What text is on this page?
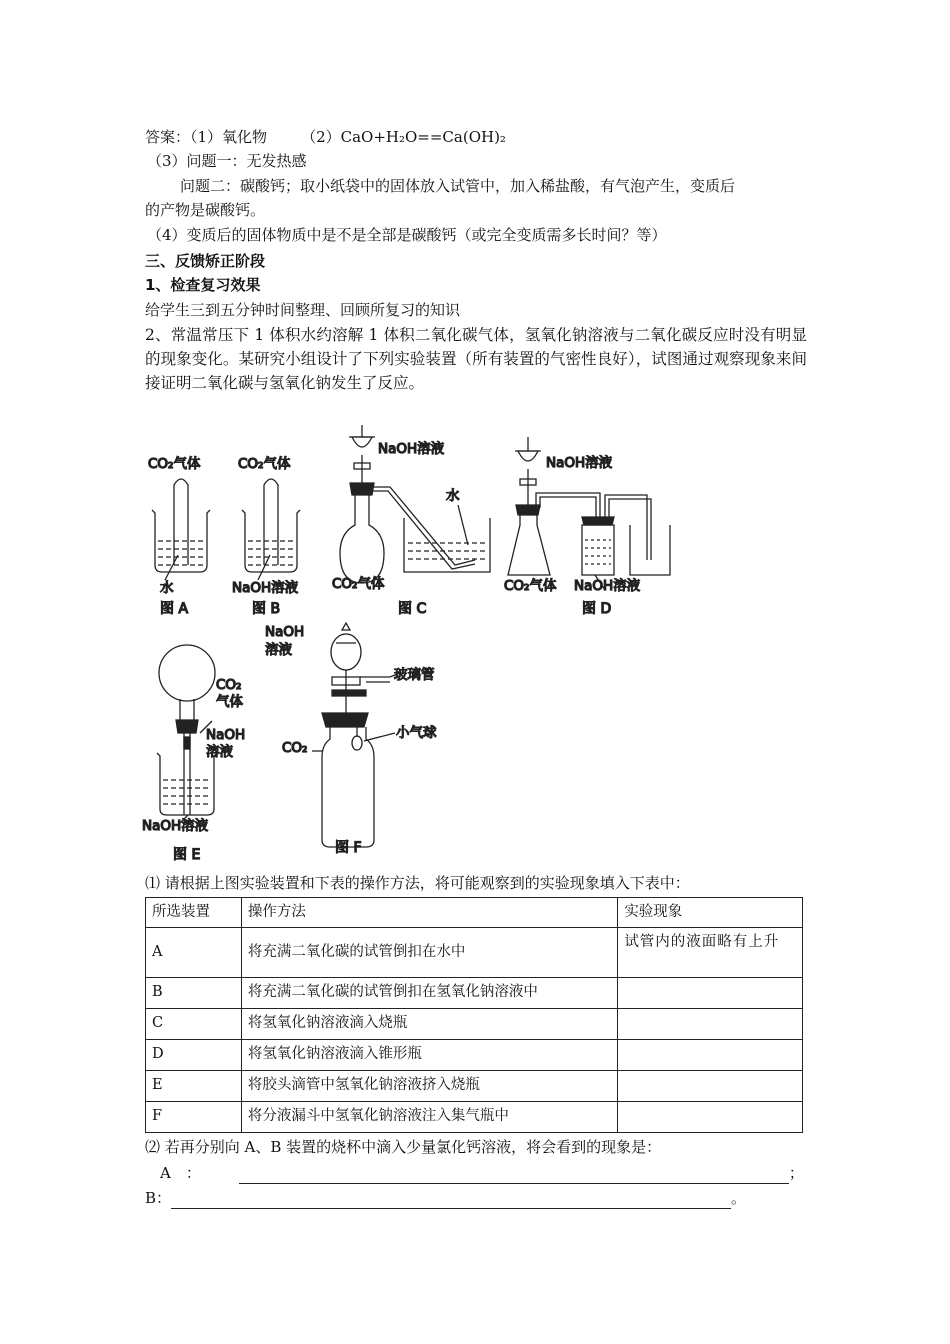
答案：（1）氧化物 （2）CaO+H₂O==Ca(OH)₂
（3）问题一：无发热感
问题二：碳酸钙；取小纸袋中的固体放入试管中，加入稀盐酸，有气泡产生，变质后
的产物是碳酸钙。
（4）变质后的固体物质中是不是全部是碳酸钙（或完全变质需多长时间？等）
三、反馈矫正阶段
1、检查复习效果
给学生三到五分钟时间整理、回顾所复习的知识
2、常温常压下 1 体积水约溶解 1 体积二氧化碳气体，氢氧化钠溶液与二氧化碳反应时没有明显的现象变化。某研究小组设计了下列实验装置（所有装置的气密性良好），试图通过观察现象来间接证明二氧化碳与氢氧化钠发生了反应。
CO₂气体
水
图 A
CO₂气体
NaOH溶液
图 B
NaOH溶液
水
CO₂气体
图 C
NaOH溶液
CO₂气体 NaOH溶液
图 D
CO₂
气体
NaOH
溶液
NaOH溶液
图 E
NaOH
溶液
玻璃管
CO₂
小气球
图 F
⑴ 请根据上图实验装置和下表的操作方法，将可能观察到的实验现象填入下表中：
所选装置	操作方法	实验现象
A	将充满二氧化碳的试管倒扣在水中	试管内的液面略有上升
B	将充满二氧化碳的试管倒扣在氢氧化钠溶液中	
C	将氢氧化钠溶液滴入烧瓶	
D	将氢氧化钠溶液滴入锥形瓶	
E	将胶头滴管中氢氧化钠溶液挤入烧瓶	
F	将分液漏斗中氢氧化钠溶液注入集气瓶中	
⑵ 若再分别向 A、B 装置的烧杯中滴入少量氯化钙溶液，将会看到的现象是：
A　：	；
B：	。
